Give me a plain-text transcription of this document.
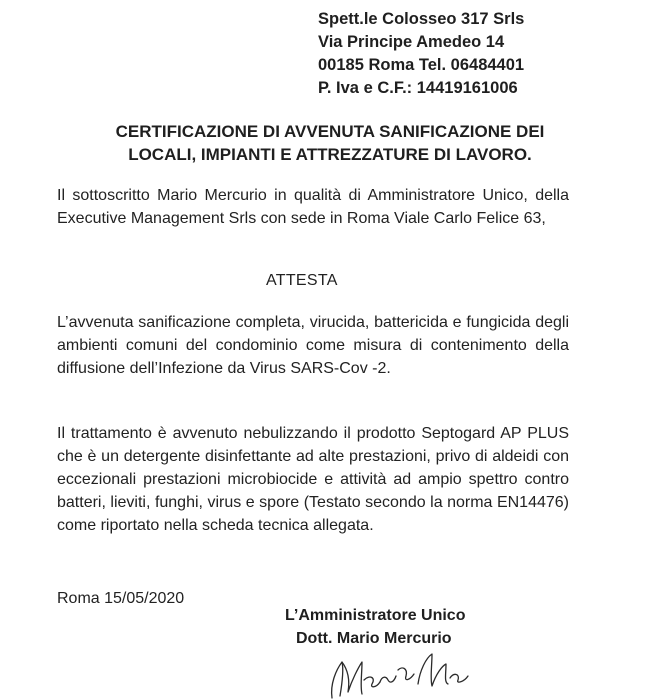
Spett.le Colosseo 317 Srls
Via Principe Amedeo 14
00185 Roma Tel. 06484401
P. Iva e C.F.: 14419161006
CERTIFICAZIONE DI AVVENUTA SANIFICAZIONE DEI
LOCALI, IMPIANTI E ATTREZZATURE DI LAVORO.
Il sottoscritto Mario Mercurio in qualità di Amministratore Unico, della Executive Management Srls con sede in Roma Viale Carlo Felice 63,
ATTESTA
L’avvenuta sanificazione completa, virucida, battericida e fungicida degli ambienti comuni del condominio come misura di contenimento della diffusione dell’Infezione da Virus SARS-Cov -2.
Il trattamento è avvenuto nebulizzando il prodotto Septogard AP PLUS che è un detergente disinfettante ad alte prestazioni, privo di aldeidi con eccezionali prestazioni microbiocide e attività ad ampio spettro contro batteri, lieviti, funghi, virus e spore (Testato secondo la norma EN14476) come riportato nella scheda tecnica allegata.
Roma 15/05/2020
L’Amministratore Unico
Dott. Mario Mercurio
